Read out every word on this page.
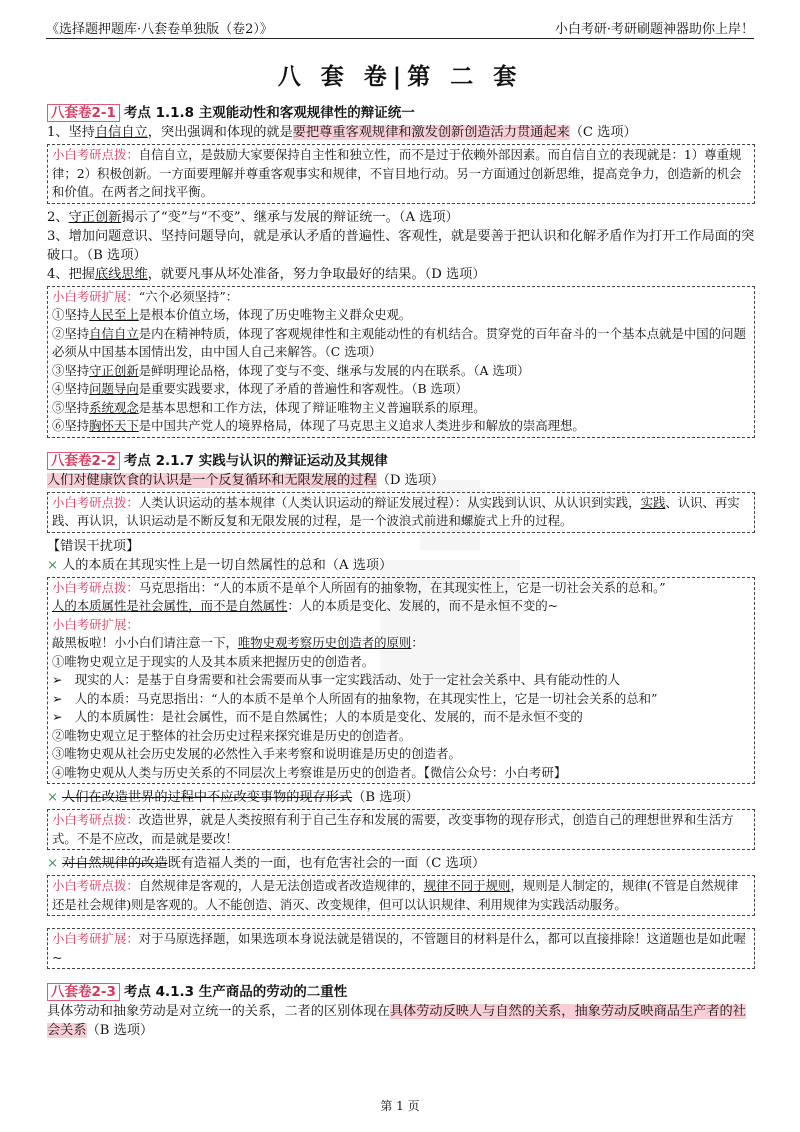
《选择题押题库·八套卷单独版（卷2）》	小白考研·考研刷题神器助你上岸！
八 套 卷|第 二 套
八套卷2-1 考点 1.1.8 主观能动性和客观规律性的辩证统一
1、坚持自信自立，突出强调和体现的就是要把尊重客观规律和激发创新创造活力贯通起来（C 选项）
小白考研点拨：自信自立，是鼓励大家要保持自主性和独立性，而不是过于依赖外部因素。而自信自立的表现就是：1）尊重规律；2）积极创新。一方面要理解并尊重客观事实和规律，不盲目地行动。另一方面通过创新思维，提高竞争力，创造新的机会和价值。在两者之间找平衡。
2、守正创新揭示了“变”与“不变”、继承与发展的辩证统一。（A 选项）
3、增加问题意识、坚持问题导向，就是承认矛盾的普遍性、客观性，就是要善于把认识和化解矛盾作为打开工作局面的突破口。（B 选项）
4、把握底线思维，就要凡事从坏处准备，努力争取最好的结果。（D 选项）
小白考研扩展：“六个必须坚持”：
①坚持人民至上是根本价值立场，体现了历史唯物主义群众史观。
②坚持自信自立是内在精神特质，体现了客观规律性和主观能动性的有机结合。贯穿党的百年奋斗的一个基本点就是中国的问题必须从中国基本国情出发，由中国人自己来解答。（C 选项）
③坚持守正创新是鲜明理论品格，体现了变与不变、继承与发展的内在联系。（A 选项）
④坚持问题导向是重要实践要求，体现了矛盾的普遍性和客观性。（B 选项）
⑤坚持系统观念是基本思想和工作方法，体现了辩证唯物主义普遍联系的原理。
⑥坚持胸怀天下是中国共产党人的境界格局，体现了马克思主义追求人类进步和解放的崇高理想。
八套卷2-2 考点 2.1.7 实践与认识的辩证运动及其规律
人们对健康饮食的认识是一个反复循环和无限发展的过程（D 选项）
小白考研点拨：人类认识运动的基本规律（人类认识运动的辩证发展过程）：从实践到认识、从认识到实践，实践、认识、再实践、再认识，认识运动是不断反复和无限发展的过程，是一个波浪式前进和螺旋式上升的过程。
【错误干扰项】
× 人的本质在其现实性上是一切自然属性的总和（A 选项）
小白考研点拨：马克思指出：“人的本质不是单个人所固有的抽象物，在其现实性上，它是一切社会关系的总和。”
人的本质属性是社会属性，而不是自然属性：人的本质是变化、发展的，而不是永恒不变的~
小白考研扩展：
敲黑板啦！小小白们请注意一下，唯物史观考察历史创造者的原则：
①唯物史观立足于现实的人及其本质来把握历史的创造者。
➢　现实的人：是基于自身需要和社会需要而从事一定实践活动、处于一定社会关系中、具有能动性的人
➢　人的本质：马克思指出：“人的本质不是单个人所固有的抽象物，在其现实性上，它是一切社会关系的总和”
➢　人的本质属性：是社会属性，而不是自然属性；人的本质是变化、发展的，而不是永恒不变的
②唯物史观立足于整体的社会历史过程来探究谁是历史的创造者。
③唯物史观从社会历史发展的必然性入手来考察和说明谁是历史的创造者。
④唯物史观从人类与历史关系的不同层次上考察谁是历史的创造者。【微信公众号：小白考研】
× 人们在改造世界的过程中不应改变事物的现存形式（B 选项）
小白考研点拨：改造世界，就是人类按照有利于自己生存和发展的需要，改变事物的现存形式，创造自己的理想世界和生活方式。不是不应改，而是就是要改！
× 对自然规律的改造既有造福人类的一面，也有危害社会的一面（C 选项）
小白考研点拨：自然规律是客观的，人是无法创造或者改造规律的，规律不同于规则，规则是人制定的，规律(不管是自然规律还是社会规律)则是客观的。人不能创造、消灭、改变规律，但可以认识规律、利用规律为实践活动服务。
小白考研扩展：对于马原选择题，如果选项本身说法就是错误的，不管题目的材料是什么，都可以直接排除！这道题也是如此喔~
八套卷2-3 考点 4.1.3 生产商品的劳动的二重性
具体劳动和抽象劳动是对立统一的关系，二者的区别体现在具体劳动反映人与自然的关系，抽象劳动反映商品生产者的社会关系（B 选项）
第 1 页
